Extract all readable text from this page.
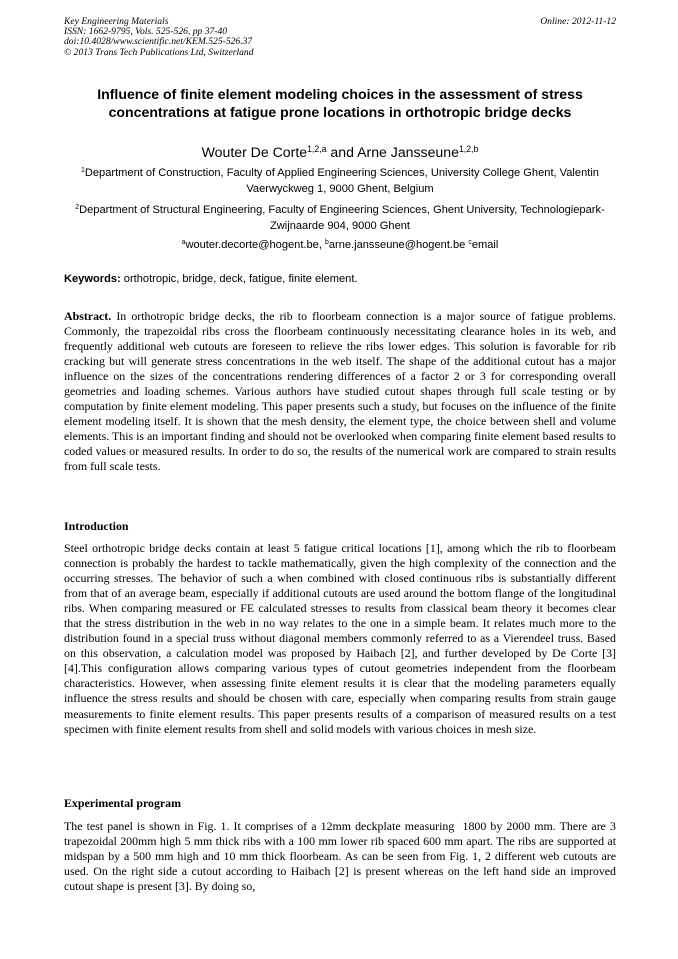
Key Engineering Materials
ISSN: 1662-9795, Vols. 525-526, pp 37-40
doi:10.4028/www.scientific.net/KEM.525-526.37
© 2013 Trans Tech Publications Ltd, Switzerland
Online: 2012-11-12
Influence of finite element modeling choices in the assessment of stress concentrations at fatigue prone locations in orthotropic bridge decks
Wouter De Corte$^{1,2,a}$ and Arne Jansseune$^{1,2,b}$
$^1$Department of Construction, Faculty of Applied Engineering Sciences, University College Ghent, Valentin Vaerwyckweg 1, 9000 Ghent, Belgium
$^2$Department of Structural Engineering, Faculty of Engineering Sciences, Ghent University, Technologiepark-Zwijnaarde 904, 9000 Ghent
$^a$wouter.decorte@hogent.be, $^b$arne.jansseune@hogent.be $^c$email
Keywords: orthotropic, bridge, deck, fatigue, finite element.
Abstract. In orthotropic bridge decks, the rib to floorbeam connection is a major source of fatigue problems. Commonly, the trapezoidal ribs cross the floorbeam continuously necessitating clearance holes in its web, and frequently additional web cutouts are foreseen to relieve the ribs lower edges. This solution is favorable for rib cracking but will generate stress concentrations in the web itself. The shape of the additional cutout has a major influence on the sizes of the concentrations rendering differences of a factor 2 or 3 for corresponding overall geometries and loading schemes. Various authors have studied cutout shapes through full scale testing or by computation by finite element modeling. This paper presents such a study, but focuses on the influence of the finite element modeling itself. It is shown that the mesh density, the element type, the choice between shell and volume elements. This is an important finding and should not be overlooked when comparing finite element based results to coded values or measured results. In order to do so, the results of the numerical work are compared to strain results from full scale tests.
Introduction
Steel orthotropic bridge decks contain at least 5 fatigue critical locations [1], among which the rib to floorbeam connection is probably the hardest to tackle mathematically, given the high complexity of the connection and the occurring stresses. The behavior of such a when combined with closed continuous ribs is substantially different from that of an average beam, especially if additional cutouts are used around the bottom flange of the longitudinal ribs. When comparing measured or FE calculated stresses to results from classical beam theory it becomes clear that the stress distribution in the web in no way relates to the one in a simple beam. It relates much more to the distribution found in a special truss without diagonal members commonly referred to as a Vierendeel truss. Based on this observation, a calculation model was proposed by Haibach [2], and further developed by De Corte [3][4].This configuration allows comparing various types of cutout geometries independent from the floorbeam characteristics. However, when assessing finite element results it is clear that the modeling parameters equally influence the stress results and should be chosen with care, especially when comparing results from strain gauge measurements to finite element results. This paper presents results of a comparison of measured results on a test specimen with finite element results from shell and solid models with various choices in mesh size.
Experimental program
The test panel is shown in Fig. 1. It comprises of a 12mm deckplate measuring  1800 by 2000 mm. There are 3 trapezoidal 200mm high 5 mm thick ribs with a 100 mm lower rib spaced 600 mm apart. The ribs are supported at midspan by a 500 mm high and 10 mm thick floorbeam. As can be seen from Fig. 1, 2 different web cutouts are used. On the right side a cutout according to Haibach [2] is present whereas on the left hand side an improved cutout shape is present [3]. By doing so,
